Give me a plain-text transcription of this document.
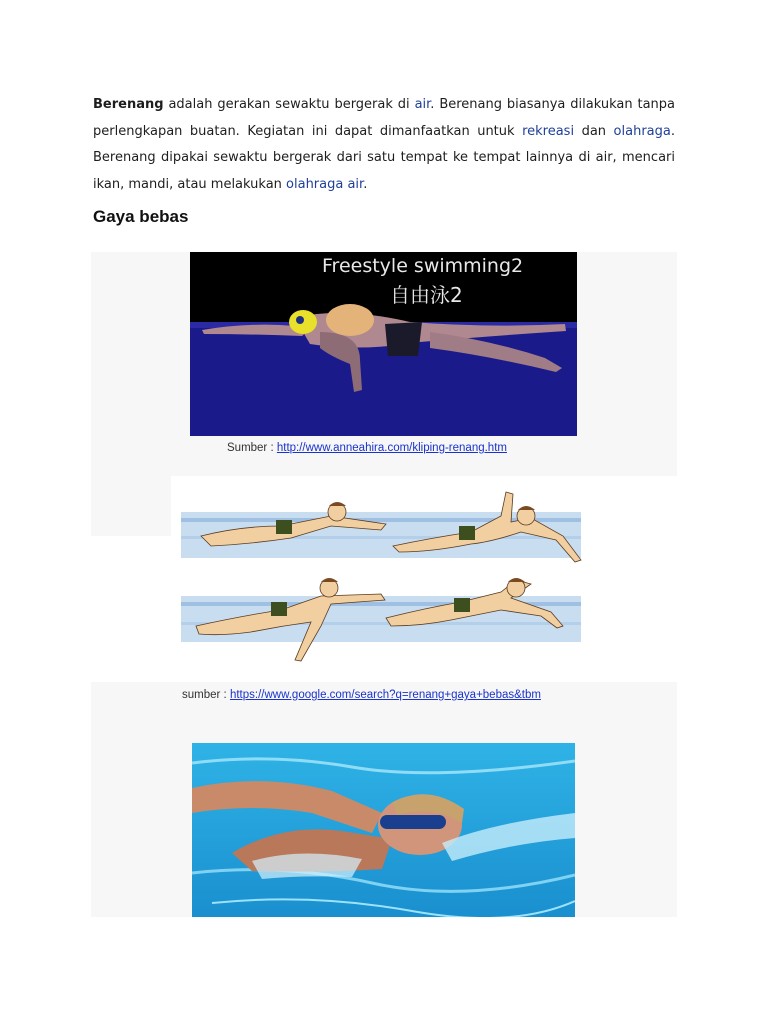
Berenang adalah gerakan sewaktu bergerak di air. Berenang biasanya dilakukan tanpa perlengkapan buatan. Kegiatan ini dapat dimanfaatkan untuk rekreasi dan olahraga. Berenang dipakai sewaktu bergerak dari satu tempat ke tempat lainnya di air, mencari ikan, mandi, atau melakukan olahraga air.
Gaya bebas
Freestyle swimming2
自由泳2
Sumber : http://www.anneahira.com/kliping-renang.htm
sumber : https://www.google.com/search?q=renang+gaya+bebas&tbm
